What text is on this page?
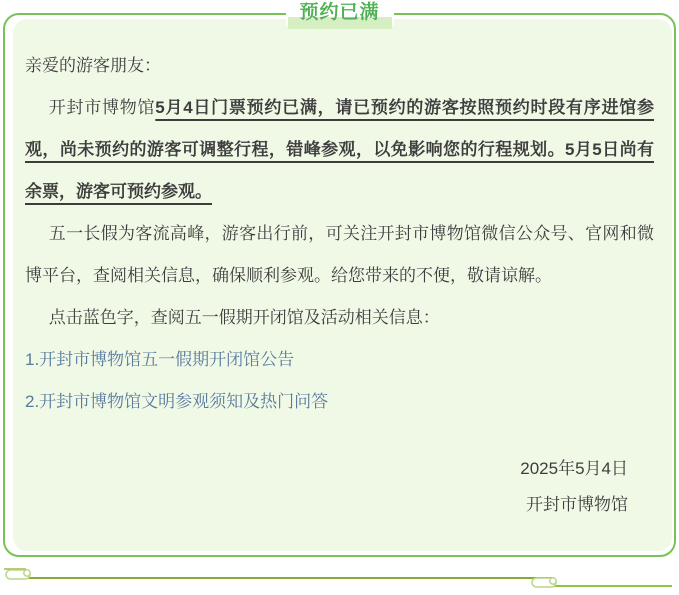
预约已满

亲爱的游客朋友：

开封市博物馆5月4日门票预约已满，请已预约的游客按照预约时段有序进馆参观，尚未预约的游客可调整行程，错峰参观，以免影响您的行程规划。5月5日尚有余票，游客可预约参观。

五一长假为客流高峰，游客出行前，可关注开封市博物馆微信公众号、官网和微博平台，查阅相关信息，确保顺利参观。给您带来的不便，敬请谅解。

点击蓝色字，查阅五一假期开闭馆及活动相关信息：

1.开封市博物馆五一假期开闭馆公告

2.开封市博物馆文明参观须知及热门问答

2025年5月4日

开封市博物馆
